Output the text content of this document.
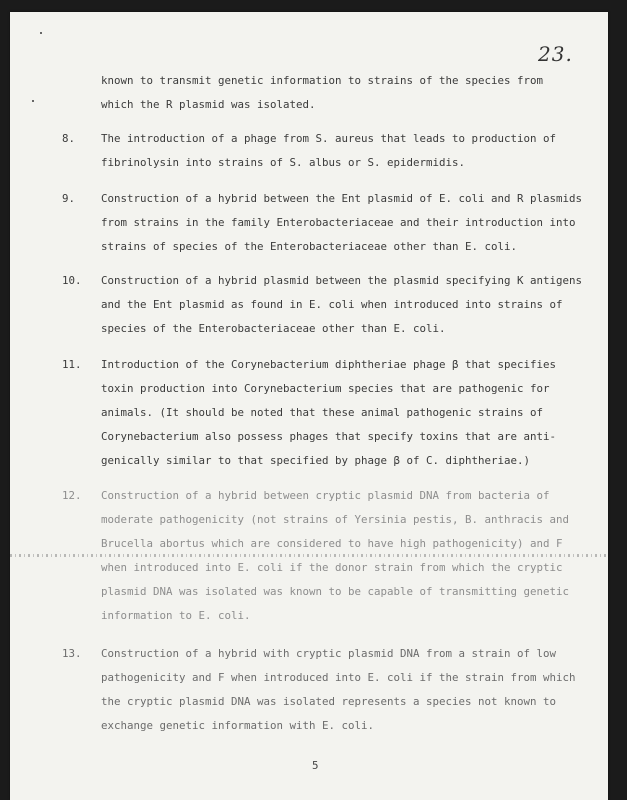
23.
known to transmit genetic information to strains of the species from
which the R plasmid was isolated.
8. The introduction of a phage from S. aureus that leads to production of
fibrinolysin into strains of S. albus or S. epidermidis.
9. Construction of a hybrid between the Ent plasmid of E. coli and R plasmids
from strains in the family Enterobacteriaceae and their introduction into
strains of species of the Enterobacteriaceae other than E. coli.
10. Construction of a hybrid plasmid between the plasmid specifying K antigens
and the Ent plasmid as found in E. coli when introduced into strains of
species of the Enterobacteriaceae other than E. coli.
11. Introduction of the Corynebacterium diphtheriae phage β that specifies
toxin production into Corynebacterium species that are pathogenic for
animals. (It should be noted that these animal pathogenic strains of
Corynebacterium also possess phages that specify toxins that are anti-
genically similar to that specified by phage β of C. diphtheriae.)
12. Construction of a hybrid between cryptic plasmid DNA from bacteria of
moderate pathogenicity (not strains of Yersinia pestis, B. anthracis and
Brucella abortus which are considered to have high pathogenicity) and F
when introduced into E. coli if the donor strain from which the cryptic
plasmid DNA was isolated was known to be capable of transmitting genetic
information to E. coli.
13. Construction of a hybrid with cryptic plasmid DNA from a strain of low
pathogenicity and F when introduced into E. coli if the strain from which
the cryptic plasmid DNA was isolated represents a species not known to
exchange genetic information with E. coli.
5
